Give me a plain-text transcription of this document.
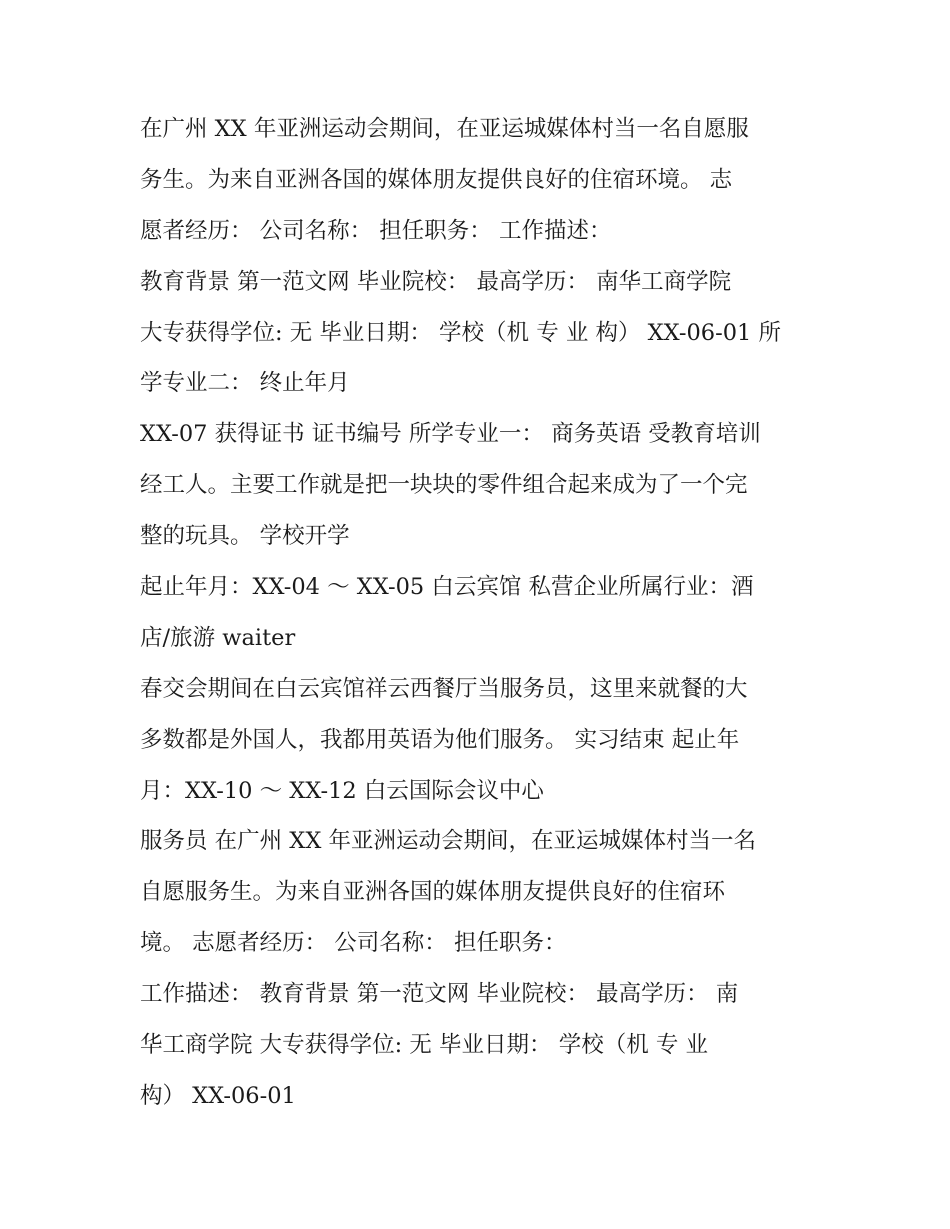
在广州 XX 年亚洲运动会期间，在亚运城媒体村当一名自愿服
务生。为来自亚洲各国的媒体朋友提供良好的住宿环境。 志
愿者经历： 公司名称： 担任职务： 工作描述：
教育背景 第一范文网 毕业院校： 最高学历： 南华工商学院
大专获得学位: 无 毕业日期： 学校（机 专 业 构） XX-06-01 所
学专业二： 终止年月
XX-07 获得证书 证书编号 所学专业一： 商务英语 受教育培训
经工人。主要工作就是把一块块的零件组合起来成为了一个完
整的玩具。 学校开学
起止年月：XX-04 ～ XX-05 白云宾馆 私营企业所属行业：酒
店/旅游 waiter
春交会期间在白云宾馆祥云西餐厅当服务员，这里来就餐的大
多数都是外国人，我都用英语为他们服务。 实习结束 起止年
月：XX-10 ～ XX-12 白云国际会议中心
服务员 在广州 XX 年亚洲运动会期间，在亚运城媒体村当一名
自愿服务生。为来自亚洲各国的媒体朋友提供良好的住宿环
境。 志愿者经历： 公司名称： 担任职务：
工作描述： 教育背景 第一范文网 毕业院校： 最高学历： 南
华工商学院 大专获得学位: 无 毕业日期： 学校（机 专 业
构） XX-06-01
